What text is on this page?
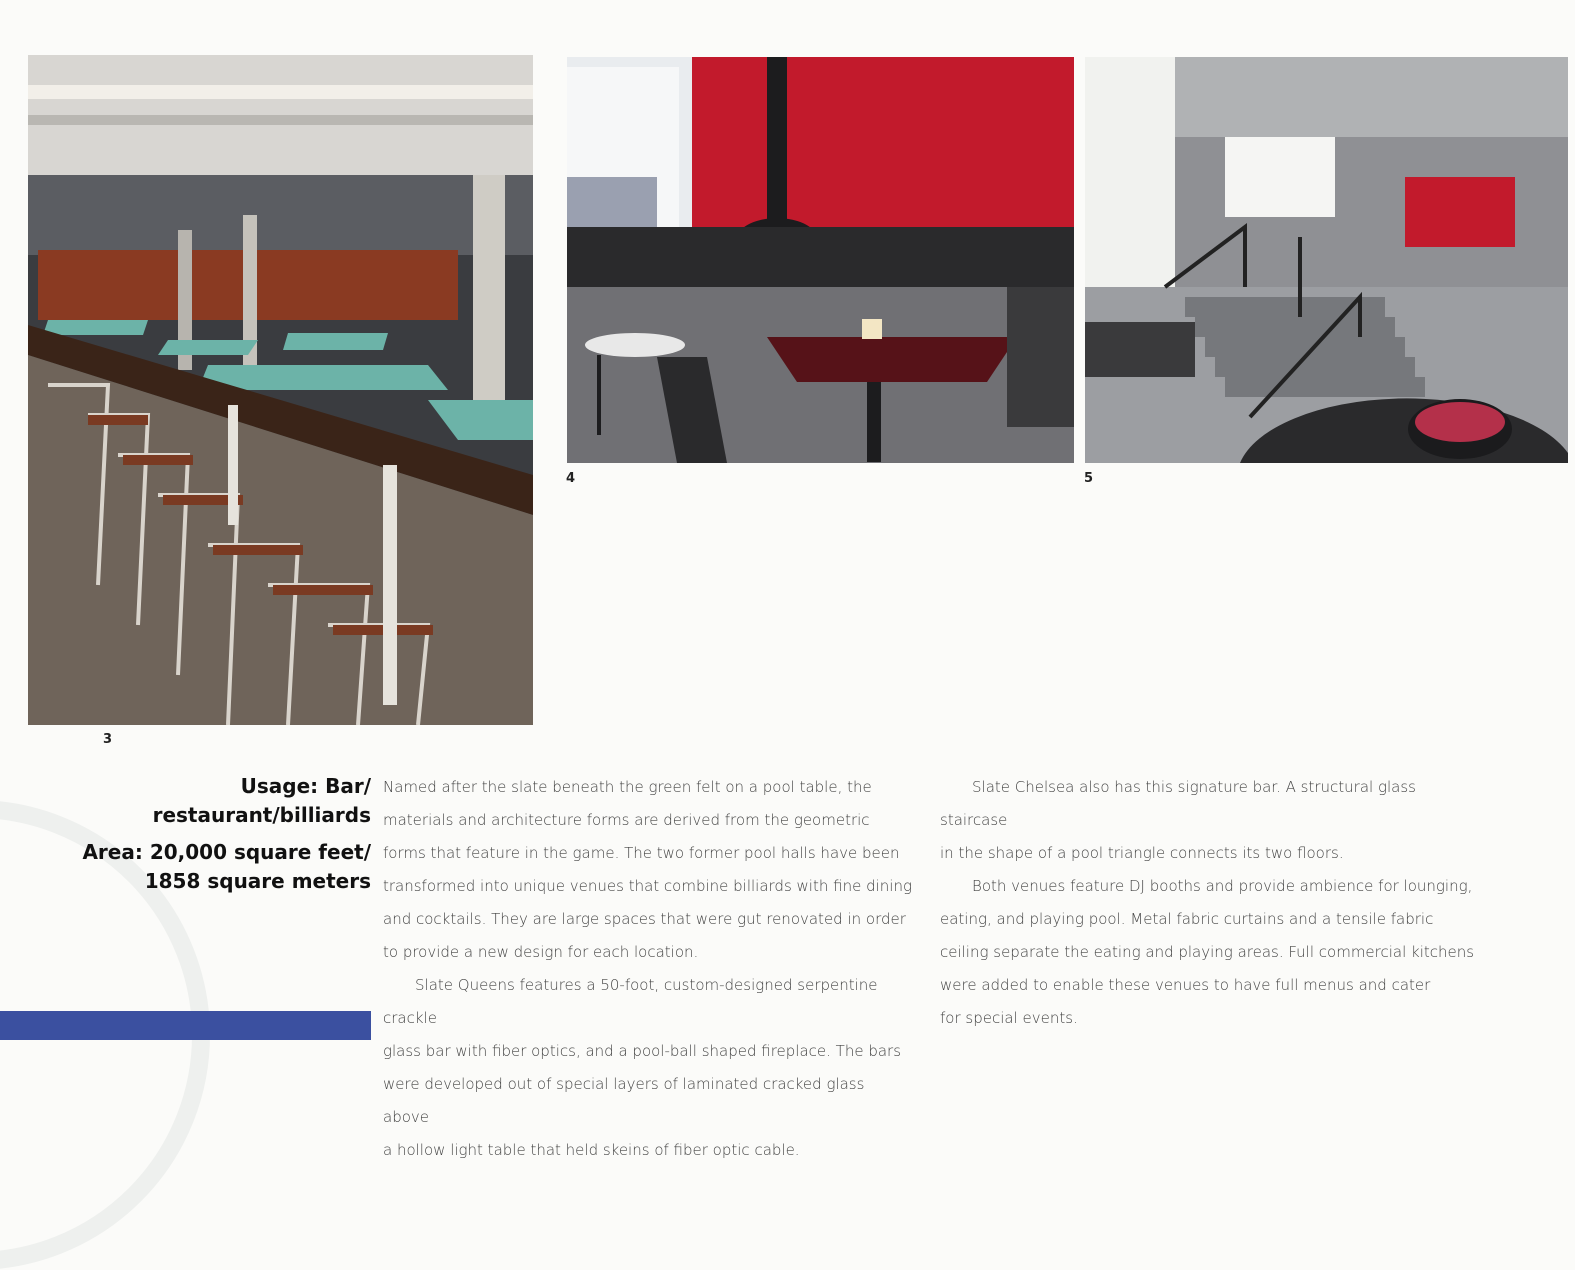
3
4	5
Usage: Bar/
restaurant/billiards
Area: 20,000 square feet/
1858 square meters

Named after the slate beneath the green felt on a pool table, the

materials and architecture forms are derived from the geometric

forms that feature in the game. The two former pool halls have been

transformed into unique venues that combine billiards with fine dining

and cocktails. They are large spaces that were gut renovated in order

to provide a new design for each location.

Slate Queens features a 50-foot, custom-designed serpentine crackle

glass bar with fiber optics, and a pool-ball shaped fireplace. The bars

were developed out of special layers of laminated cracked glass above

a hollow light table that held skeins of fiber optic cable.

Slate Chelsea also has this signature bar. A structural glass staircase

in the shape of a pool triangle connects its two floors.

Both venues feature DJ booths and provide ambience for lounging,

eating, and playing pool. Metal fabric curtains and a tensile fabric

ceiling separate the eating and playing areas. Full commercial kitchens

were added to enable these venues to have full menus and cater

for special events.
